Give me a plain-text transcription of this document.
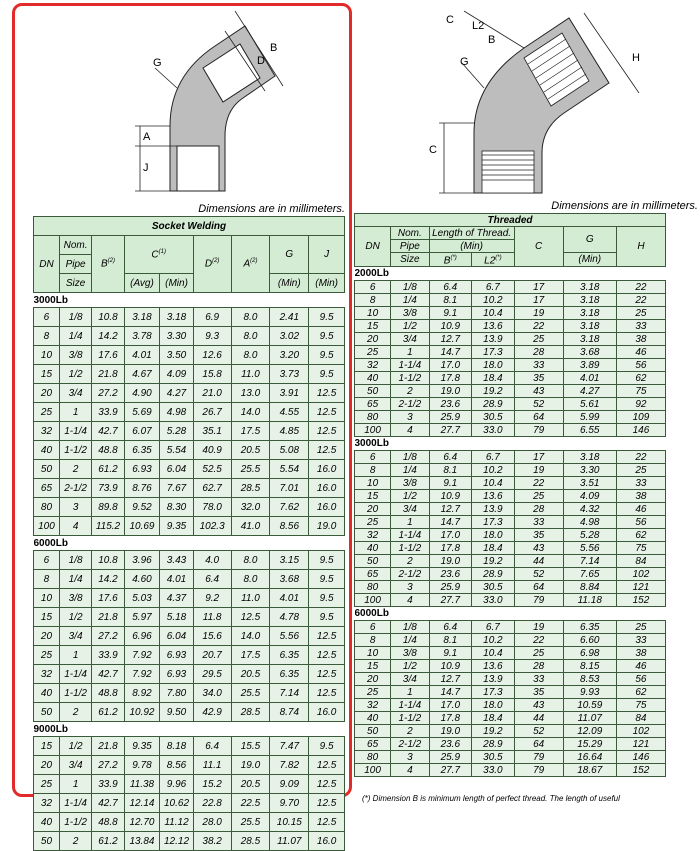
A
J
G
B
D
Dimensions are in millimeters.
Socket Welding								
DN	Nom.	$B^{(2)}$	$C^{(1)}$		$D^{(2)}$	$A^{(2)}$	G	J
	Pipe							
	Size		(Avg)	(Min)			(Min)	(Min)
3000Lb								
6	1/8	10.8	3.18	3.18	6.9	8.0	2.41	9.5
8	1/4	14.2	3.78	3.30	9.3	8.0	3.02	9.5
10	3/8	17.6	4.01	3.50	12.6	8.0	3.20	9.5
15	1/2	21.8	4.67	4.09	15.8	11.0	3.73	9.5
20	3/4	27.2	4.90	4.27	21.0	13.0	3.91	12.5
25	1	33.9	5.69	4.98	26.7	14.0	4.55	12.5
32	1-1/4	42.7	6.07	5.28	35.1	17.5	4.85	12.5
40	1-1/2	48.8	6.35	5.54	40.9	20.5	5.08	12.5
50	2	61.2	6.93	6.04	52.5	25.5	5.54	16.0
65	2-1/2	73.9	8.76	7.67	62.7	28.5	7.01	16.0
80	3	89.8	9.52	8.30	78.0	32.0	7.62	16.0
100	4	115.2	10.69	9.35	102.3	41.0	8.56	19.0
6000Lb								
6	1/8	10.8	3.96	3.43	4.0	8.0	3.15	9.5
8	1/4	14.2	4.60	4.01	6.4	8.0	3.68	9.5
10	3/8	17.6	5.03	4.37	9.2	11.0	4.01	9.5
15	1/2	21.8	5.97	5.18	11.8	12.5	4.78	9.5
20	3/4	27.2	6.96	6.04	15.6	14.0	5.56	12.5
25	1	33.9	7.92	6.93	20.7	17.5	6.35	12.5
32	1-1/4	42.7	7.92	6.93	29.5	20.5	6.35	12.5
40	1-1/2	48.8	8.92	7.80	34.0	25.5	7.14	12.5
50	2	61.2	10.92	9.50	42.9	28.5	8.74	16.0
9000Lb								
15	1/2	21.8	9.35	8.18	6.4	15.5	7.47	9.5
20	3/4	27.2	9.78	8.56	11.1	19.0	7.82	12.5
25	1	33.9	11.38	9.96	15.2	20.5	9.09	12.5
32	1-1/4	42.7	12.14	10.62	22.8	22.5	9.70	12.5
40	1-1/2	48.8	12.70	11.12	28.0	25.5	10.15	12.5
50	2	61.2	13.84	12.12	38.2	28.5	11.07	16.0
C L2
B
G	H
C
Dimensions are in millimeters.
Threaded						
DN	Nom.	Length of Thread.		C	G	H
	Pipe	(Min)				
	Size	B(*)	L2(*)		(Min)	
2000Lb						
6	1/8	6.4	6.7	17	3.18	22
8	1/4	8.1	10.2	17	3.18	22
10	3/8	9.1	10.4	19	3.18	25
15	1/2	10.9	13.6	22	3.18	33
20	3/4	12.7	13.9	25	3.18	38
25	1	14.7	17.3	28	3.68	46
32	1-1/4	17.0	18.0	33	3.89	56
40	1-1/2	17.8	18.4	35	4.01	62
50	2	19.0	19.2	43	4.27	75
65	2-1/2	23.6	28.9	52	5.61	92
80	3	25.9	30.5	64	5.99	109
100	4	27.7	33.0	79	6.55	146
3000Lb						
6	1/8	6.4	6.7	17	3.18	22
8	1/4	8.1	10.2	19	3.30	25
10	3/8	9.1	10.4	22	3.51	33
15	1/2	10.9	13.6	25	4.09	38
20	3/4	12.7	13.9	28	4.32	46
25	1	14.7	17.3	33	4.98	56
32	1-1/4	17.0	18.0	35	5.28	62
40	1-1/2	17.8	18.4	43	5.56	75
50	2	19.0	19.2	44	7.14	84
65	2-1/2	23.6	28.9	52	7.65	102
80	3	25.9	30.5	64	8.84	121
100	4	27.7	33.0	79	11.18	152
6000Lb						
6	1/8	6.4	6.7	19	6.35	25
8	1/4	8.1	10.2	22	6.60	33
10	3/8	9.1	10.4	25	6.98	38
15	1/2	10.9	13.6	28	8.15	46
20	3/4	12.7	13.9	33	8.53	56
25	1	14.7	17.3	35	9.93	62
32	1-1/4	17.0	18.0	43	10.59	75
40	1-1/2	17.8	18.4	44	11.07	84
50	2	19.0	19.2	52	12.09	102
65	2-1/2	23.6	28.9	64	15.29	121
80	3	25.9	30.5	79	16.64	146
100	4	27.7	33.0	79	18.67	152
(*) Dimension B is minimum length of perfect thread. The length of useful
